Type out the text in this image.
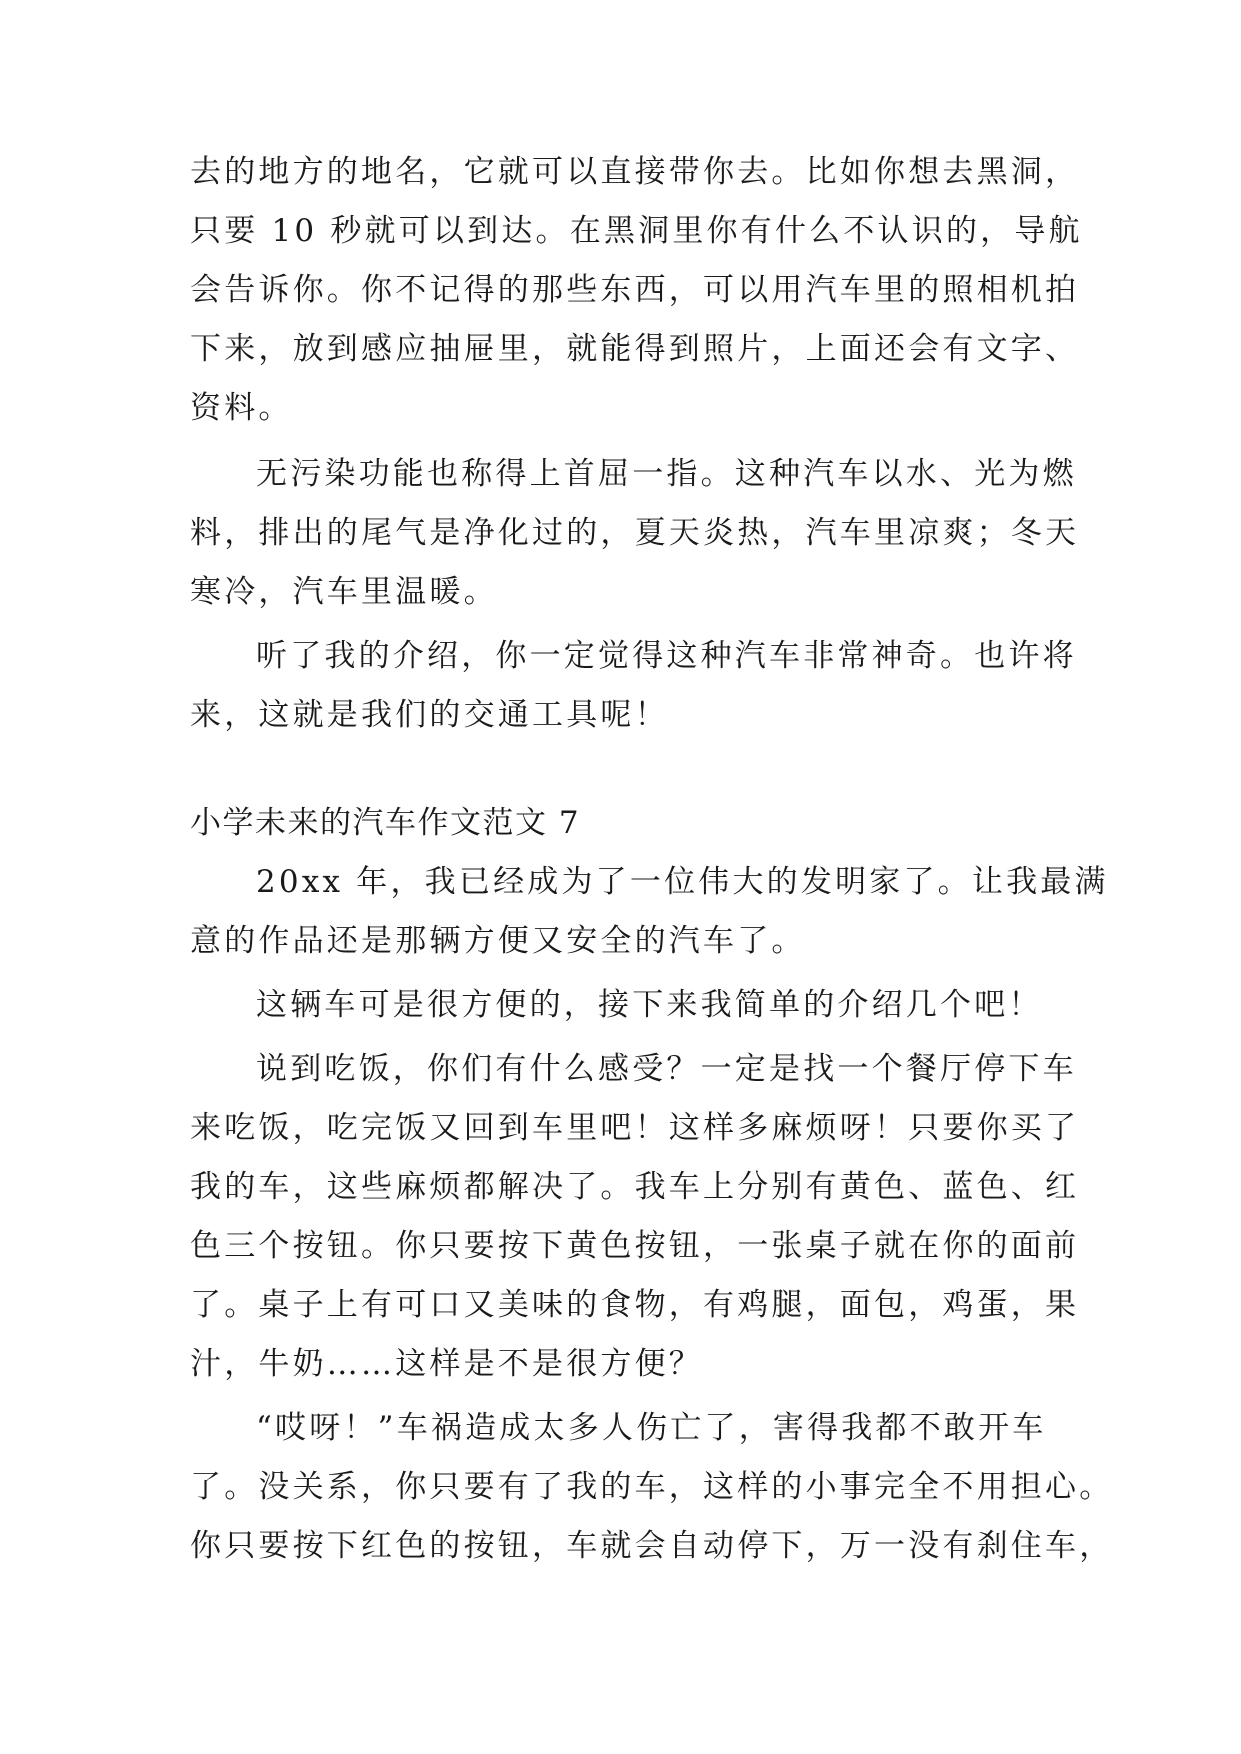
去的地方的地名，它就可以直接带你去。比如你想去黑洞，
只要 10 秒就可以到达。在黑洞里你有什么不认识的，导航
会告诉你。你不记得的那些东西，可以用汽车里的照相机拍
下来，放到感应抽屉里，就能得到照片，上面还会有文字、
资料。
无污染功能也称得上首屈一指。这种汽车以水、光为燃
料，排出的尾气是净化过的，夏天炎热，汽车里凉爽；冬天
寒冷，汽车里温暖。
听了我的介绍，你一定觉得这种汽车非常神奇。也许将
来，这就是我们的交通工具呢！
小学未来的汽车作文范文 7
20xx 年，我已经成为了一位伟大的发明家了。让我最满
意的作品还是那辆方便又安全的汽车了。
这辆车可是很方便的，接下来我简单的介绍几个吧！
说到吃饭，你们有什么感受？一定是找一个餐厅停下车
来吃饭，吃完饭又回到车里吧！这样多麻烦呀！只要你买了
我的车，这些麻烦都解决了。我车上分别有黄色、蓝色、红
色三个按钮。你只要按下黄色按钮，一张桌子就在你的面前
了。桌子上有可口又美味的食物，有鸡腿，面包，鸡蛋，果
汁，牛奶……这样是不是很方便？
“哎呀！”车祸造成太多人伤亡了，害得我都不敢开车
了。没关系，你只要有了我的车，这样的小事完全不用担心。
你只要按下红色的按钮，车就会自动停下，万一没有刹住车，
